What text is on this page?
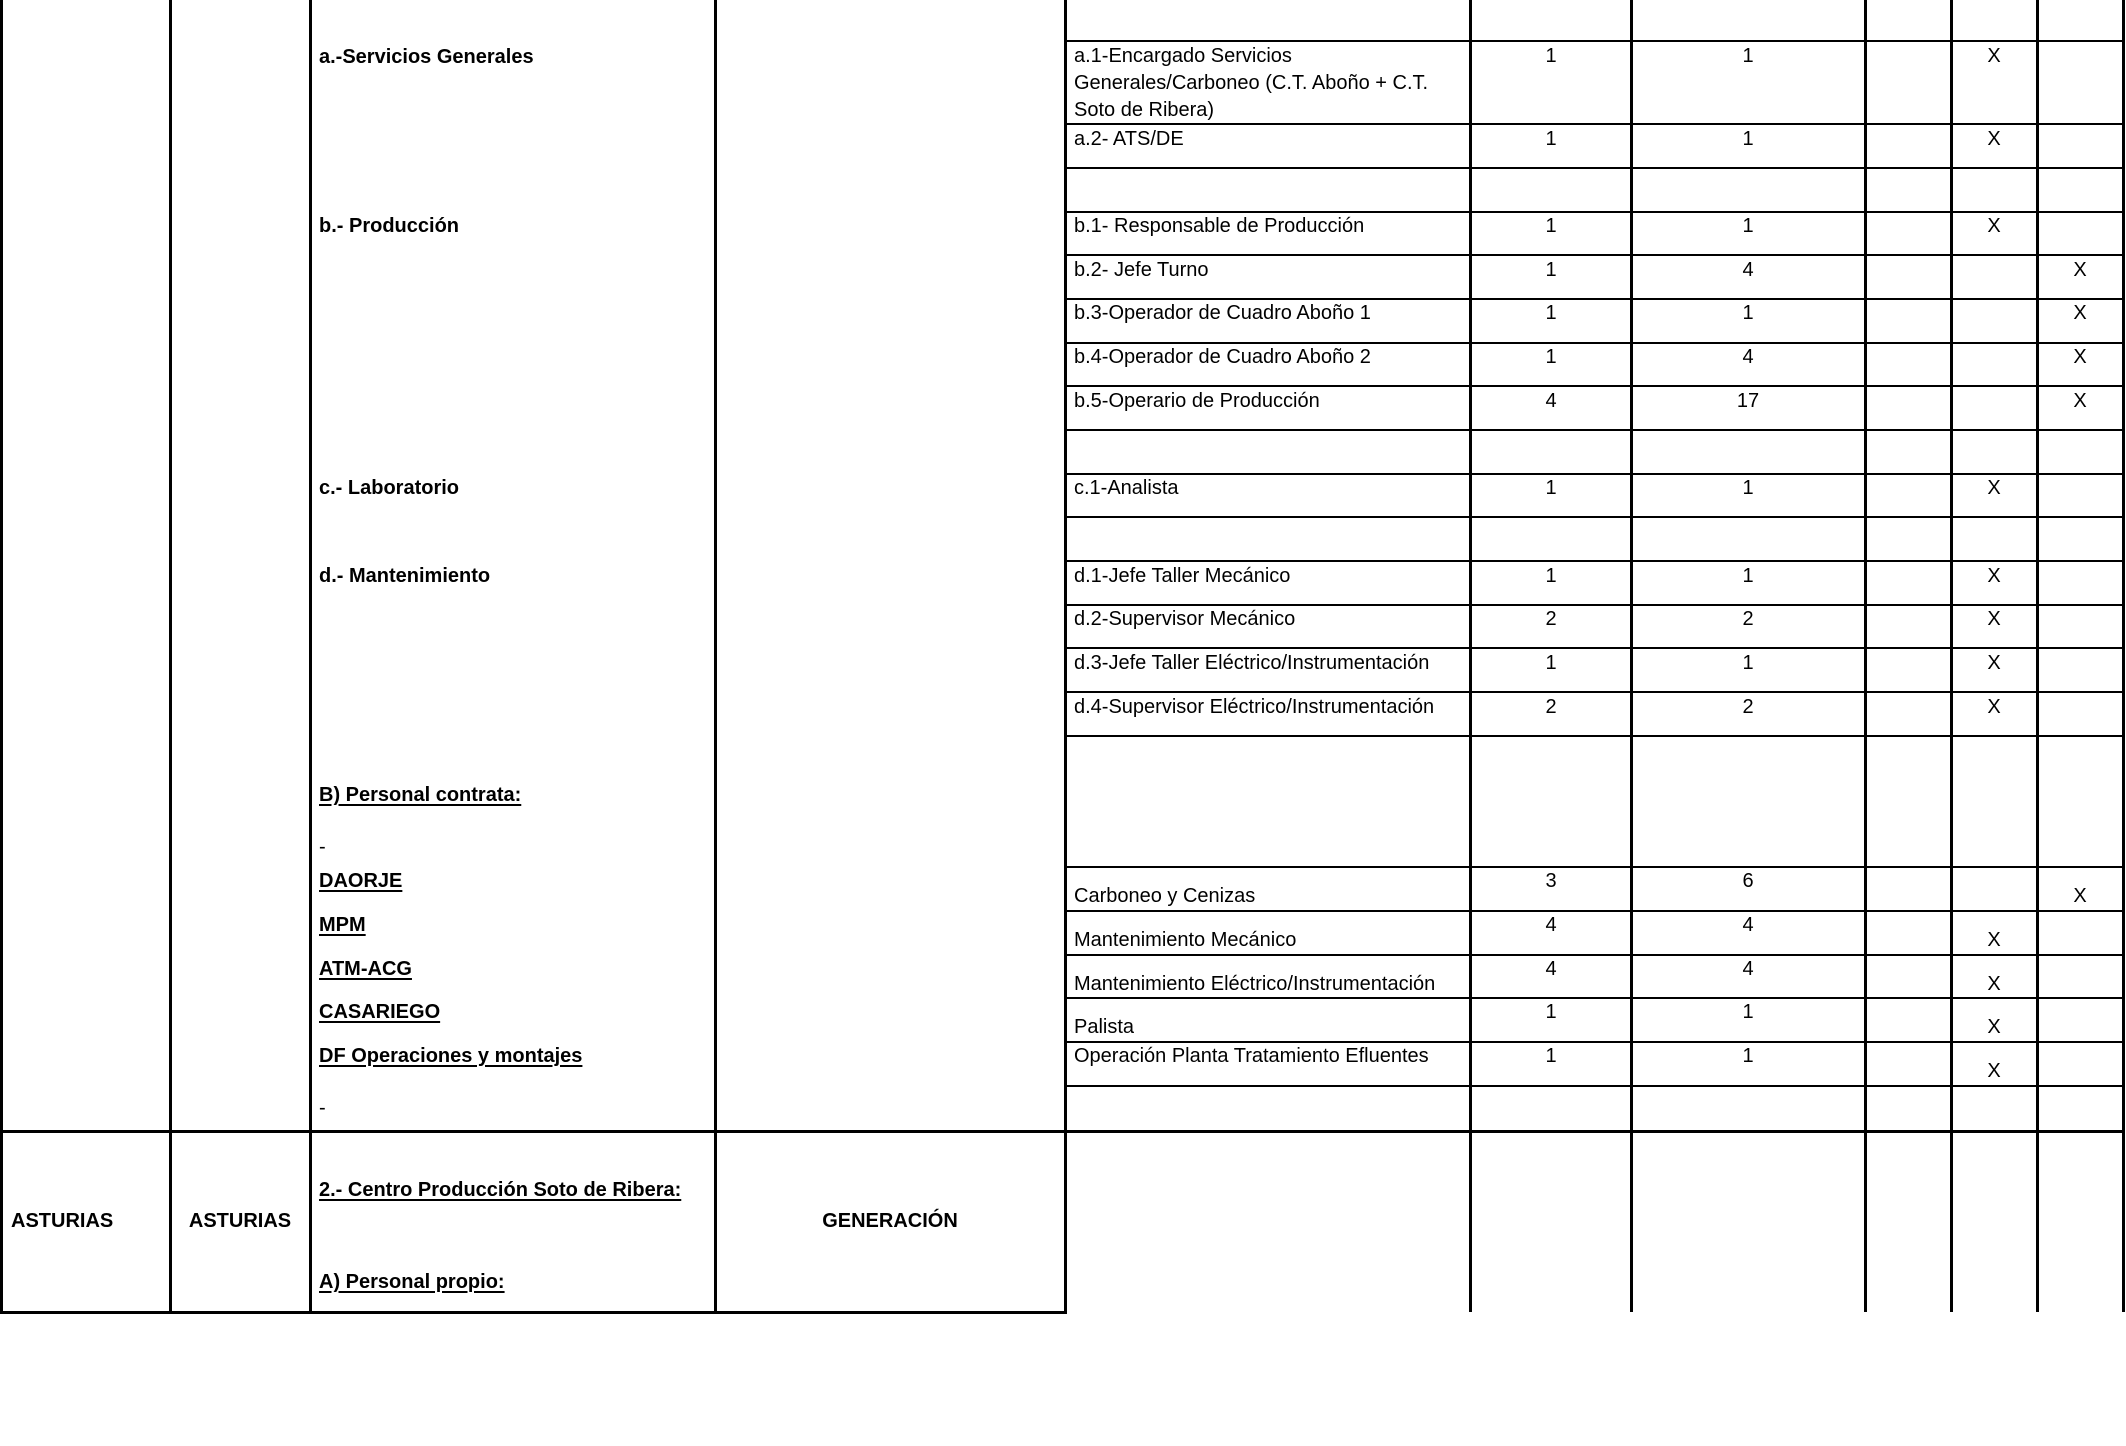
a.-Servicios Generales
b.- Producción
c.- Laboratorio
d.- Mantenimiento
B) Personal contrata:
-
DAORJE
MPM
ATM-ACG
CASARIEGO
DF Operaciones y montajes
-
a.1-Encargado Servicios Generales/Carboneo (C.T. Aboño + C.T. Soto de Ribera)
a.2- ATS/DE
b.1- Responsable de Producción
b.2- Jefe Turno
b.3-Operador de Cuadro Aboño 1
b.4-Operador de Cuadro Aboño 2
b.5-Operario de Producción
c.1-Analista
d.1-Jefe Taller Mecánico
d.2-Supervisor Mecánico
d.3-Jefe Taller Eléctrico/Instrumentación
d.4-Supervisor Eléctrico/Instrumentación
Carboneo y Cenizas
Mantenimiento Mecánico
Mantenimiento Eléctrico/Instrumentación
Palista
Operación Planta Tratamiento Efluentes
1
1
1
1
1
1
4
1
1
2
1
2
3
4
4
1
1
1
1
1
4
1
4
17
1
1
2
1
2
6
4
4
1
1
X
X
X
X
X
X
X
X
X
X
X
X
X
X
X
X
X
ASTURIAS	ASTURIAS
2.- Centro Producción Soto de Ribera:
A) Personal propio:
GENERACIÓN
